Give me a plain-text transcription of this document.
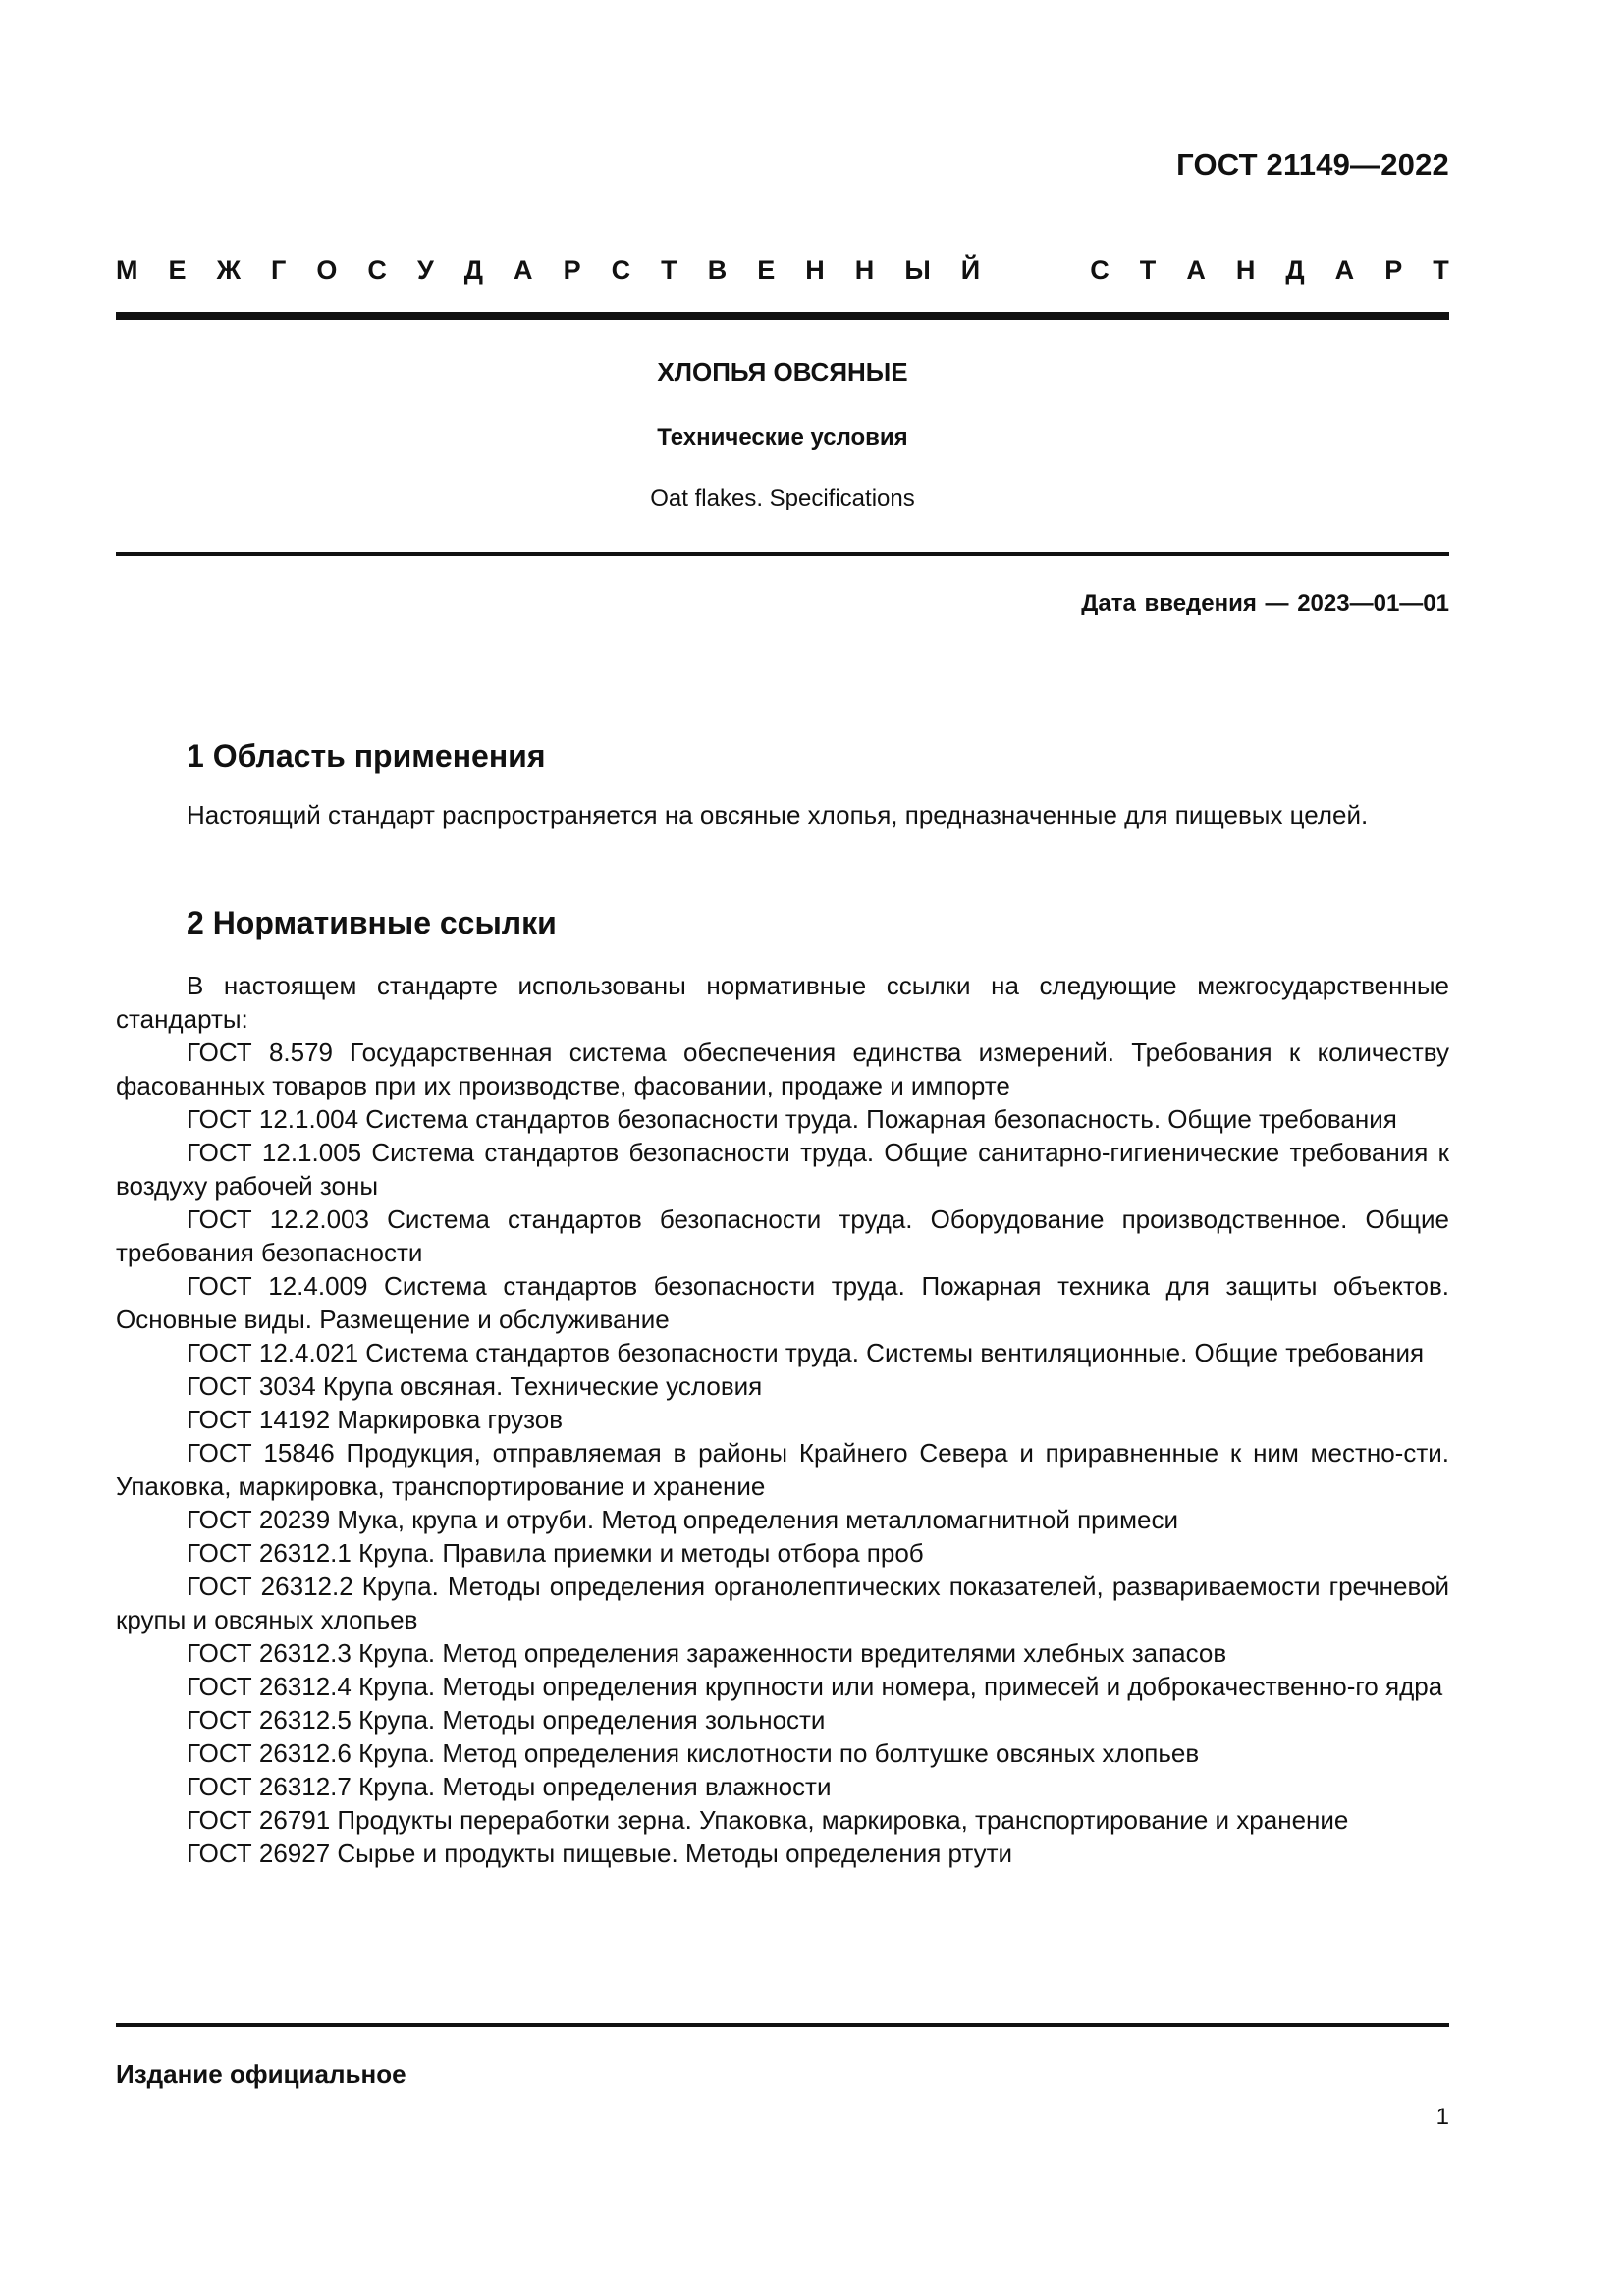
ГОСТ 21149—2022
М Е Ж Г О С У Д А Р С Т В Е Н Н Ы Й	С Т А Н Д А Р Т
ХЛОПЬЯ ОВСЯНЫЕ
Технические условия
Oat flakes. Specifications
Дата введения — 2023—01—01
1 Область применения

Настоящий стандарт распространяется на овсяные хлопья, предназначенные для пищевых целей.

2 Нормативные ссылки
В настоящем стандарте использованы нормативные ссылки на следующие межгосударственные стандарты:
ГОСТ 8.579 Государственная система обеспечения единства измерений. Требования к количеству фасованных товаров при их производстве, фасовании, продаже и импорте
ГОСТ 12.1.004 Система стандартов безопасности труда. Пожарная безопасность. Общие требования
ГОСТ 12.1.005 Система стандартов безопасности труда. Общие санитарно-гигиенические требования к воздуху рабочей зоны
ГОСТ 12.2.003 Система стандартов безопасности труда. Оборудование производственное. Общие требования безопасности
ГОСТ 12.4.009 Система стандартов безопасности труда. Пожарная техника для защиты объектов. Основные виды. Размещение и обслуживание
ГОСТ 12.4.021 Система стандартов безопасности труда. Системы вентиляционные. Общие требования
ГОСТ 3034 Крупа овсяная. Технические условия
ГОСТ 14192 Маркировка грузов
ГОСТ 15846 Продукция, отправляемая в районы Крайнего Севера и приравненные к ним местно-сти. Упаковка, маркировка, транспортирование и хранение
ГОСТ 20239 Мука, крупа и отруби. Метод определения металломагнитной примеси
ГОСТ 26312.1 Крупа. Правила приемки и методы отбора проб
ГОСТ 26312.2 Крупа. Методы определения органолептических показателей, развариваемости гречневой крупы и овсяных хлопьев
ГОСТ 26312.3 Крупа. Метод определения зараженности вредителями хлебных запасов
ГОСТ 26312.4 Крупа. Методы определения крупности или номера, примесей и доброкачественно-го ядра
ГОСТ 26312.5 Крупа. Методы определения зольности
ГОСТ 26312.6 Крупа. Метод определения кислотности по болтушке овсяных хлопьев
ГОСТ 26312.7 Крупа. Методы определения влажности
ГОСТ 26791 Продукты переработки зерна. Упаковка, маркировка, транспортирование и хранение
ГОСТ 26927 Сырье и продукты пищевые. Методы определения ртути
Издание официальное
1
